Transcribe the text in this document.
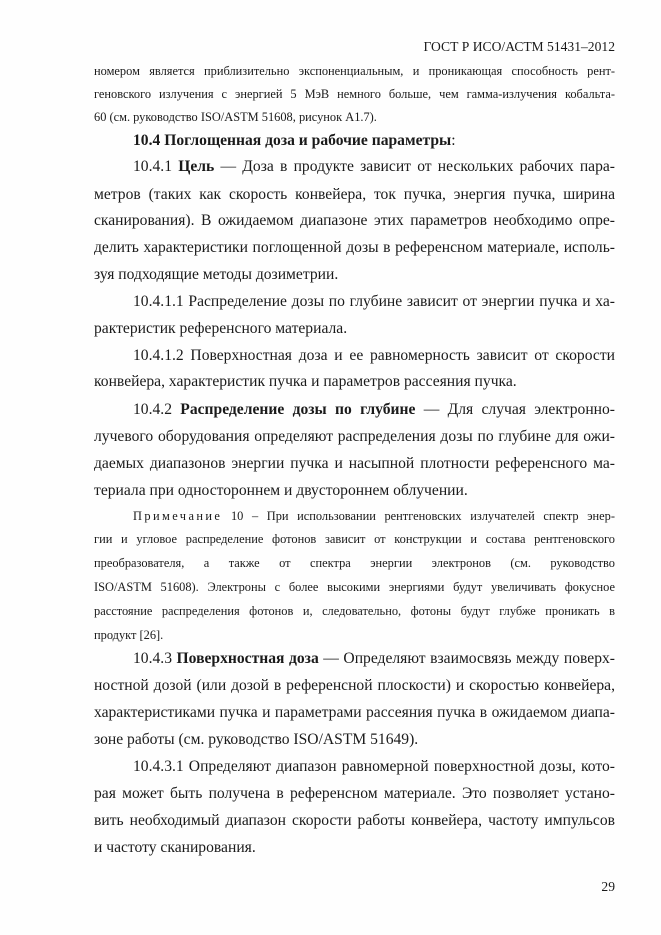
ГОСТ Р ИСО/АСТМ 51431–2012

номером является приблизительно экспоненциальным, и проникающая способность рент-

геновского излучения с энергией 5 МэВ немного больше, чем гамма-излучения кобальта-

60 (см. руководство ISO/ASTM 51608, рисунок А1.7).

10.4 Поглощенная доза и рабочие параметры:

10.4.1 Цель — Доза в продукте зависит от нескольких рабочих пара-

метров (таких как скорость конвейера, ток пучка, энергия пучка, ширина

сканирования). В ожидаемом диапазоне этих параметров необходимо опре-

делить характеристики поглощенной дозы в референсном материале, исполь-

зуя подходящие методы дозиметрии.

10.4.1.1 Распределение дозы по глубине зависит от энергии пучка и ха-

рактеристик референсного материала.

10.4.1.2 Поверхностная доза и ее равномерность зависит от скорости

конвейера, характеристик пучка и параметров рассеяния пучка.

10.4.2 Распределение дозы по глубине — Для случая электронно-

лучевого оборудования определяют распределения дозы по глубине для ожи-

даемых диапазонов энергии пучка и насыпной плотности референсного ма-

териала при одностороннем и двустороннем облучении.

Примечание 10 – При использовании рентгеновских излучателей спектр энер-

гии и угловое распределение фотонов зависит от конструкции и состава рентгеновского

преобразователя, а также от спектра энергии электронов (см. руководство

ISO/ASTM 51608). Электроны с более высокими энергиями будут увеличивать фокусное

расстояние распределения фотонов и, следовательно, фотоны будут глубже проникать в

продукт [26].

10.4.3 Поверхностная доза — Определяют взаимосвязь между поверх-

ностной дозой (или дозой в референсной плоскости) и скоростью конвейера,

характеристиками пучка и параметрами рассеяния пучка в ожидаемом диапа-

зоне работы (см. руководство ISO/ASTM 51649).

10.4.3.1 Определяют диапазон равномерной поверхностной дозы, кото-

рая может быть получена в референсном материале. Это позволяет устано-

вить необходимый диапазон скорости работы конвейера, частоту импульсов

и частоту сканирования.

29
